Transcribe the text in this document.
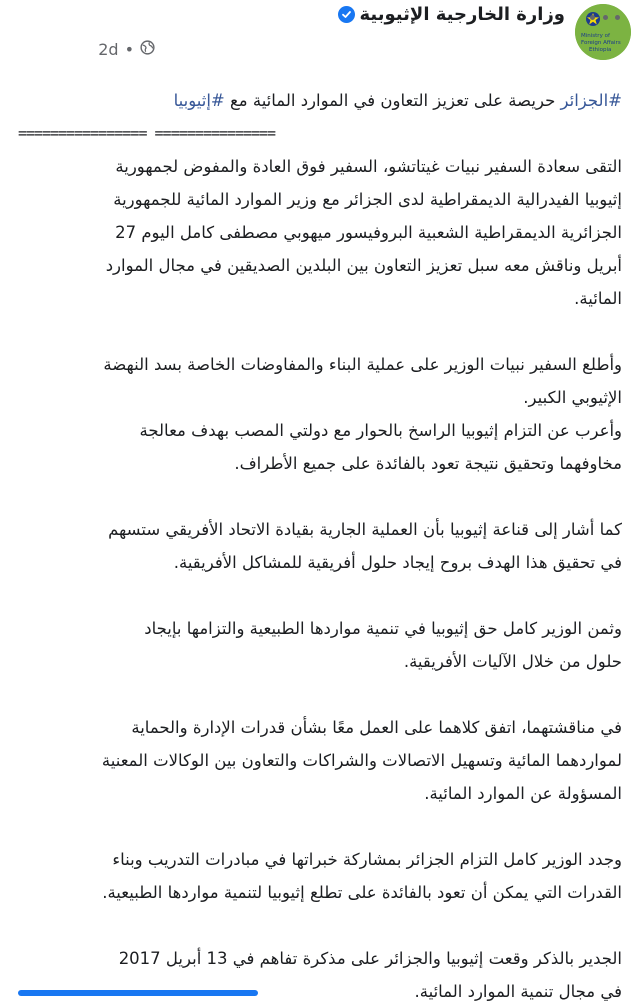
Ministry of
Foreign Affairs
Ethiopia
وزارة الخارجية الإثيوبية
2d •
#الجزائر حريصة على تعزيز التعاون في الموارد المائية مع #إثيوبيا
================ ===============
التقى سعادة السفير نبيات غيتاتشو، السفير فوق العادة والمفوض لجمهورية
إثيوبيا الفيدرالية الديمقراطية لدى الجزائر مع وزير الموارد المائية للجمهورية
الجزائرية الديمقراطية الشعبية البروفيسور ميهوبي مصطفى كامل اليوم 27
أبريل وناقش معه سبل تعزيز التعاون بين البلدين الصديقين في مجال الموارد
المائية.
وأطلع السفير نبيات الوزير على عملية البناء والمفاوضات الخاصة بسد النهضة
الإثيوبي الكبير.
وأعرب عن التزام إثيوبيا الراسخ بالحوار مع دولتي المصب بهدف معالجة
مخاوفهما وتحقيق نتيجة تعود بالفائدة على جميع الأطراف.
كما أشار إلى قناعة إثيوبيا بأن العملية الجارية بقيادة الاتحاد الأفريقي ستسهم
في تحقيق هذا الهدف بروح إيجاد حلول أفريقية للمشاكل الأفريقية.
وثمن الوزير كامل حق إثيوبيا في تنمية مواردها الطبيعية والتزامها بإيجاد
حلول من خلال الآليات الأفريقية.
في مناقشتهما، اتفق كلاهما على العمل معًا بشأن قدرات الإدارة والحماية
لمواردهما المائية وتسهيل الاتصالات والشراكات والتعاون بين الوكالات المعنية
المسؤولة عن الموارد المائية.
وجدد الوزير كامل التزام الجزائر بمشاركة خبراتها في مبادرات التدريب وبناء
القدرات التي يمكن أن تعود بالفائدة على تطلع إثيوبيا لتنمية مواردها الطبيعية.
الجدير بالذكر وقعت إثيوبيا والجزائر على مذكرة تفاهم في 13 أبريل 2017
في مجال تنمية الموارد المائية.
